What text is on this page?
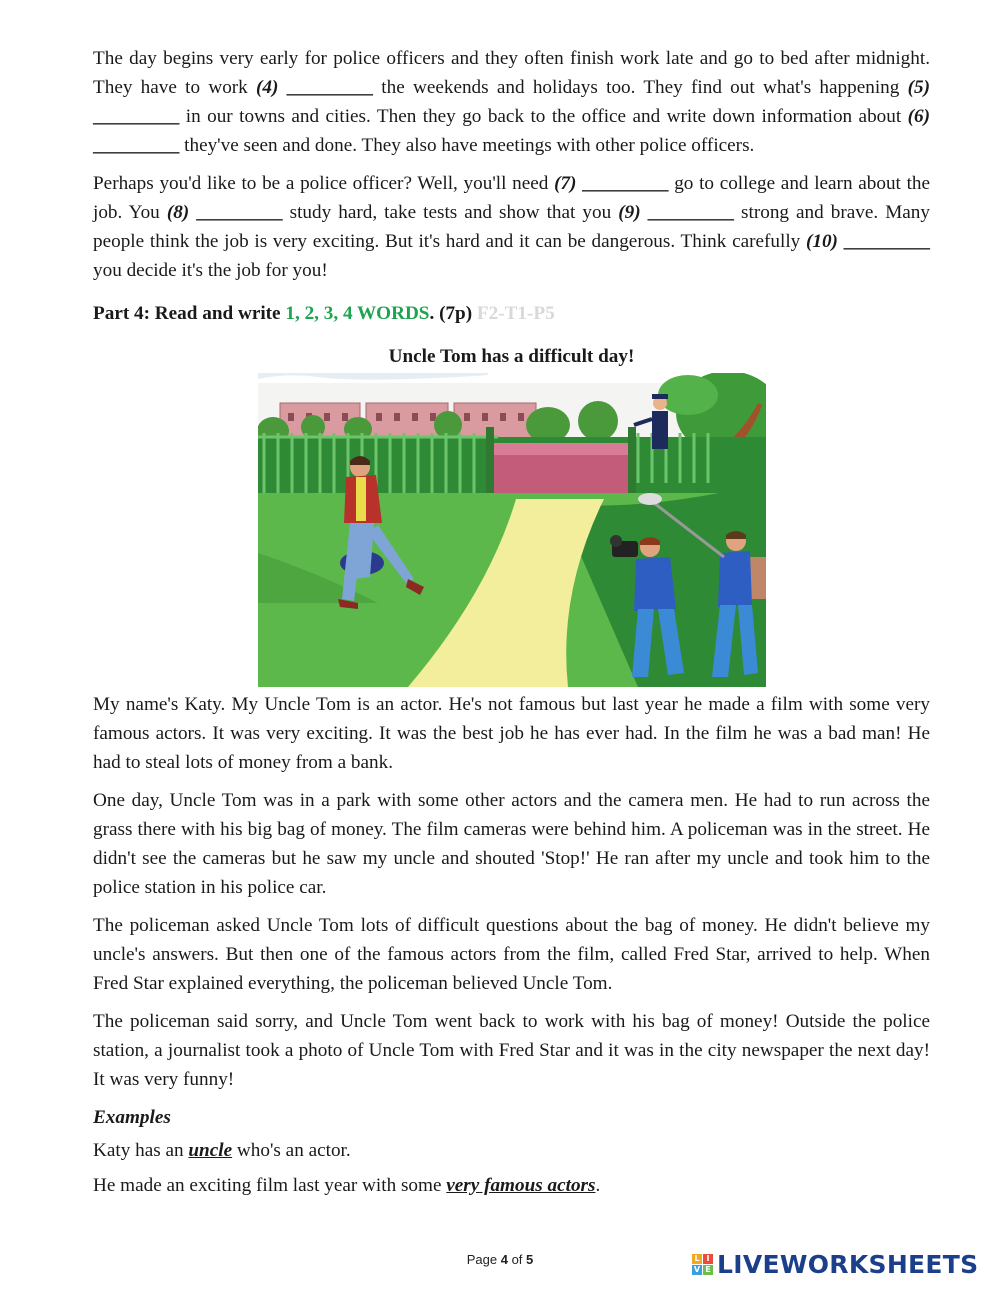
The day begins very early for police officers and they often finish work late and go to bed after midnight. They have to work (4) _________ the weekends and holidays too. They find out what's happening (5) _________ in our towns and cities. Then they go back to the office and write down information about (6) _________ they've seen and done. They also have meetings with other police officers.

Perhaps you'd like to be a police officer? Well, you'll need (7) _________ go to college and learn about the job. You (8) _________ study hard, take tests and show that you (9) _________ strong and brave. Many people think the job is very exciting. But it's hard and it can be dangerous. Think carefully (10) _________ you decide it's the job for you!

Part 4: Read and write 1, 2, 3, 4 WORDS. (7p) F2-T1-P5
Uncle Tom has a difficult day!

My name's Katy. My Uncle Tom is an actor. He's not famous but last year he made a film with some very famous actors. It was very exciting. It was the best job he has ever had. In the film he was a bad man! He had to steal lots of money from a bank.

One day, Uncle Tom was in a park with some other actors and the camera men. He had to run across the grass there with his big bag of money. The film cameras were behind him. A policeman was in the street. He didn't see the cameras but he saw my uncle and shouted 'Stop!' He ran after my uncle and took him to the police station in his police car.

The policeman asked Uncle Tom lots of difficult questions about the bag of money. He didn't believe my uncle's answers. But then one of the famous actors from the film, called Fred Star, arrived to help. When Fred Star explained everything, the policeman believed Uncle Tom.

The policeman said sorry, and Uncle Tom went back to work with his bag of money! Outside the police station, a journalist took a photo of Uncle Tom with Fred Star and it was in the city newspaper the next day! It was very funny!

Examples

Katy has an uncle who's an actor.

He made an exciting film last year with some very famous actors.

Page 4 of 5	L I
V E LIVEWORKSHEETS
